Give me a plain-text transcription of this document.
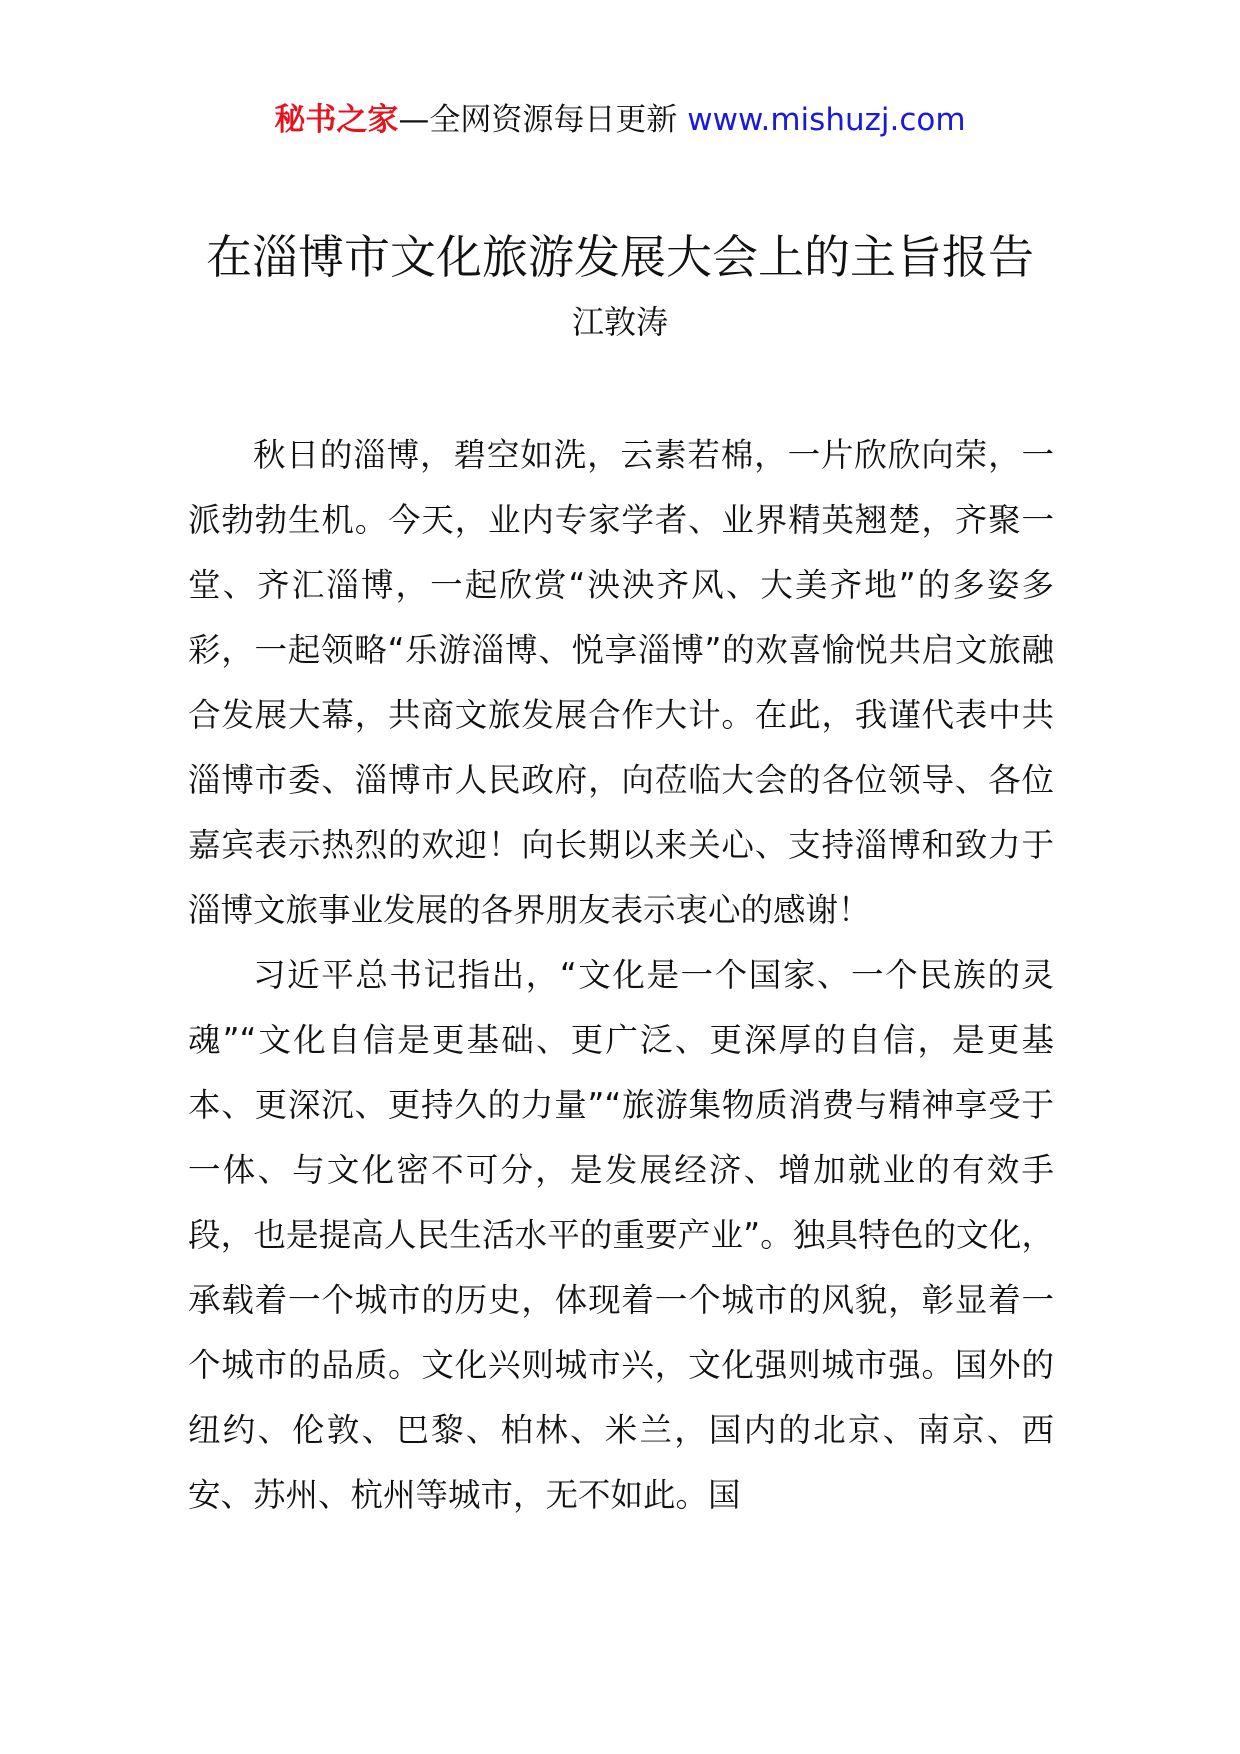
秘书之家—全网资源每日更新 www.mishuzj.com
在淄博市文化旅游发展大会上的主旨报告
江敦涛

秋日的淄博，碧空如洗，云素若棉，一片欣欣向荣，一派勃勃生机。今天，业内专家学者、业界精英翘楚，齐聚一堂、齐汇淄博，一起欣赏“泱泱齐风、大美齐地”的多姿多彩，一起领略“乐游淄博、悦享淄博”的欢喜愉悦共启文旅融合发展大幕，共商文旅发展合作大计。在此，我谨代表中共淄博市委、淄博市人民政府，向莅临大会的各位领导、各位嘉宾表示热烈的欢迎！向长期以来关心、支持淄博和致力于淄博文旅事业发展的各界朋友表示衷心的感谢！

习近平总书记指出，“文化是一个国家、一个民族的灵魂”“文化自信是更基础、更广泛、更深厚的自信，是更基本、更深沉、更持久的力量”“旅游集物质消费与精神享受于一体、与文化密不可分，是发展经济、增加就业的有效手段，也是提高人民生活水平的重要产业”。独具特色的文化，承载着一个城市的历史，体现着一个城市的风貌，彰显着一个城市的品质。文化兴则城市兴，文化强则城市强。国外的纽约、伦敦、巴黎、柏林、米兰，国内的北京、南京、西安、苏州、杭州等城市，无不如此。国
